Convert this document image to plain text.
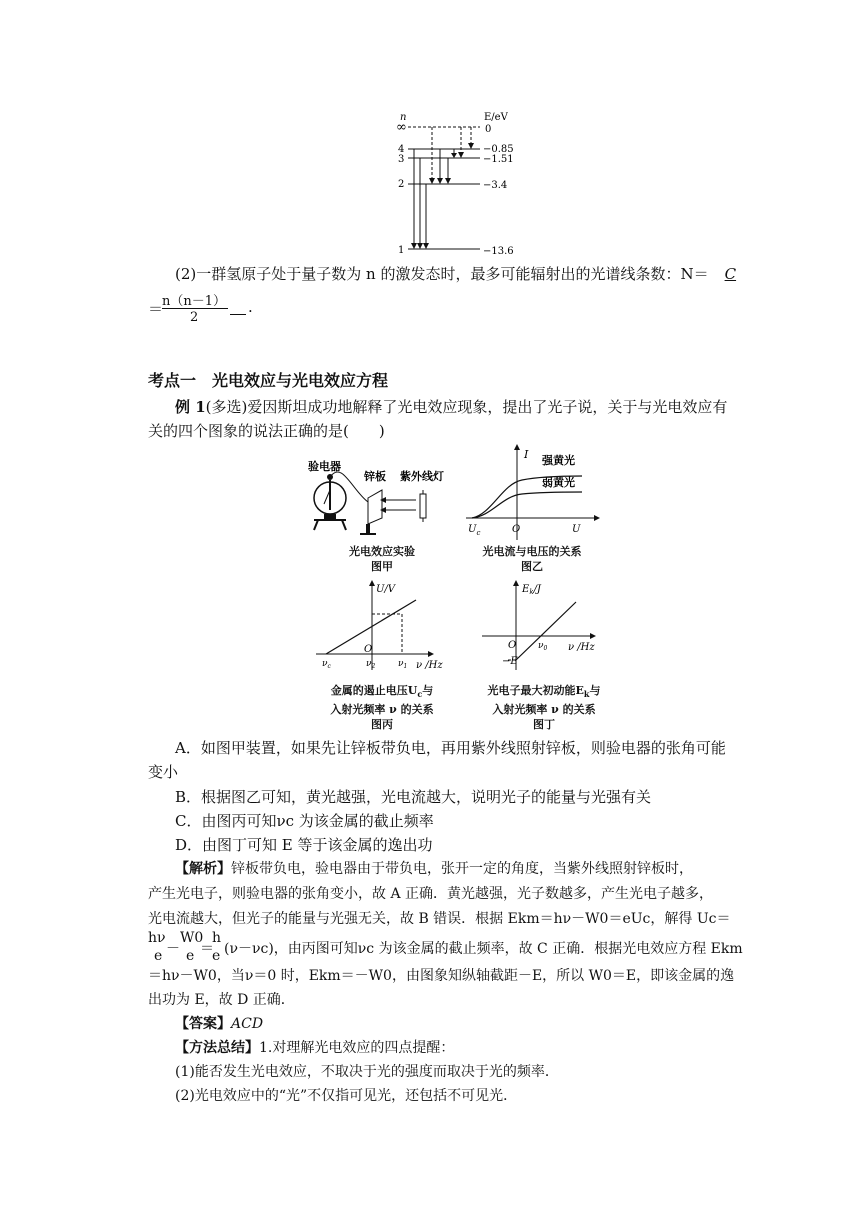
n	E/eV
∞	0
4	−0.85
3	−1.51
2	−3.4
1	−13.6
(2)一群氢原子处于量子数为 n 的激发态时，最多可能辐射出的光谱线条数：N＝ C
＝
n（n－1）
2
.
考点一　光电效应与光电效应方程
例 1(多选)爱因斯坦成功地解释了光电效应现象，提出了光子说，关于与光电效应有
关的四个图象的说法正确的是(　　)
验电器
锌板 紫外线灯
光电效应实验
图甲
I 强黄光
弱黄光
$U_c$	O	U
光电流与电压的关系
图乙
U/V
O
$\nu_c$	$\nu_2$	$\nu_1$ ν /Hz
金属的遏止电压$U_c$与
入射光频率 ν 的关系
图丙
$E_k/J$
O $\nu_0$ ν /Hz
−E
光电子最大初动能$E_k$与
入射光频率 ν 的关系
图丁
A．如图甲装置，如果先让锌板带负电，再用紫外线照射锌板，则验电器的张角可能
变小
B．根据图乙可知，黄光越强，光电流越大，说明光子的能量与光强有关
C．由图丙可知νc 为该金属的截止频率
D．由图丁可知 E 等于该金属的逸出功
【解析】锌板带负电，验电器由于带负电，张开一定的角度，当紫外线照射锌板时，
产生光电子，则验电器的张角变小，故 A 正确．黄光越强，光子数越多，产生光电子越多，
光电流越大，但光子的能量与光强无关，故 B 错误．根据 Ekm＝hν－W0＝eUc，解得 Uc＝
hν
e －
W0
e ＝
h
e (ν－νc)，由丙图可知νc 为该金属的截止频率，故 C 正确．根据光电效应方程 Ekm
＝hν－W0，当ν＝0 时，Ekm＝－W0，由图象知纵轴截距－E，所以 W0＝E，即该金属的逸
出功为 E，故 D 正确．
【答案】ACD
【方法总结】1.对理解光电效应的四点提醒：
(1)能否发生光电效应，不取决于光的强度而取决于光的频率．
(2)光电效应中的“光”不仅指可见光，还包括不可见光．
